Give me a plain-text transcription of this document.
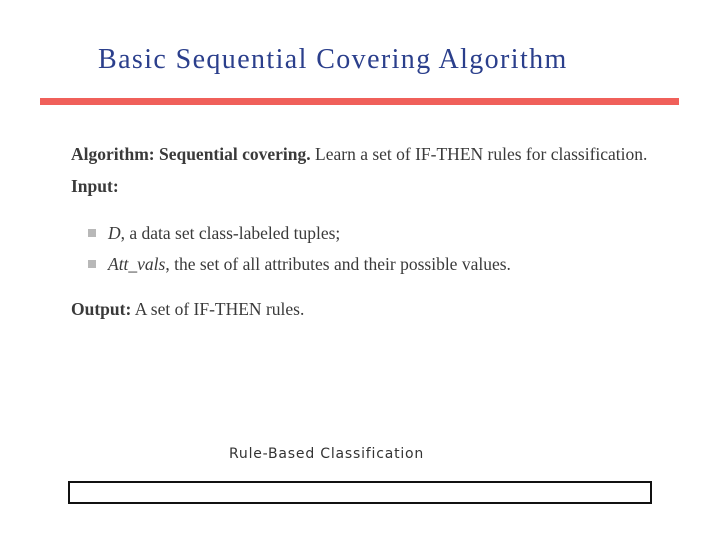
Basic Sequential Covering Algorithm
Algorithm: Sequential covering. Learn a set of IF-THEN rules for classification.
Input:
D, a data set class-labeled tuples;
Att_vals, the set of all attributes and their possible values.
Output: A set of IF-THEN rules.
Rule-Based Classification
